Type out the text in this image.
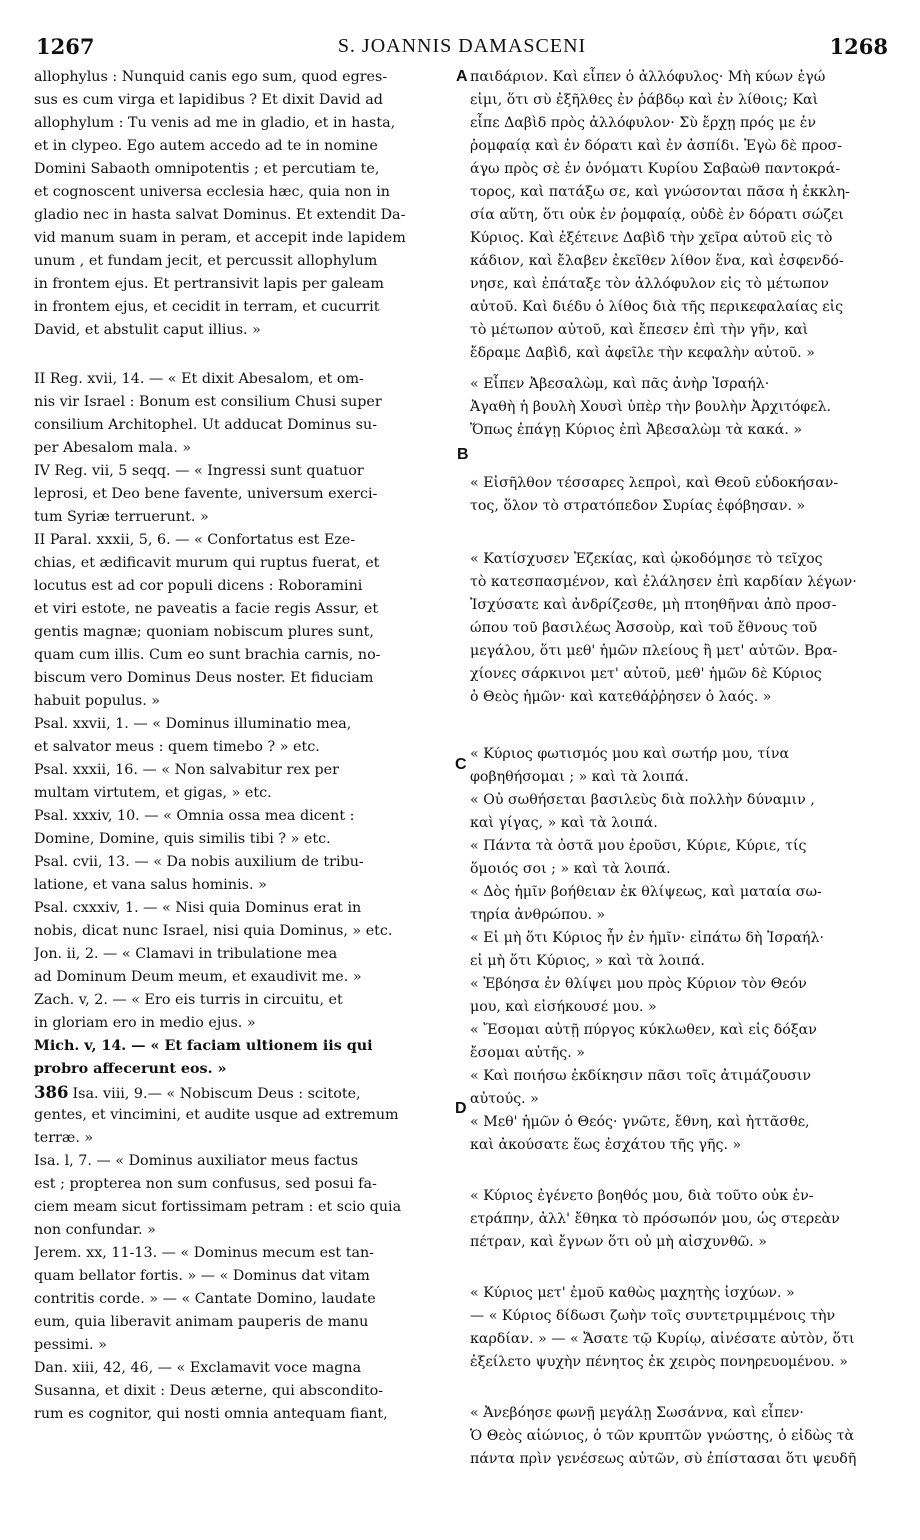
1267	S. JOANNIS DAMASCENI	1268
A
B
C
D
allophylus : Nunquid canis ego sum, quod egres-
sus es cum virga et lapidibus ? Et dixit David ad
allophylum : Tu venis ad me in gladio, et in hasta,
et in clypeo. Ego autem accedo ad te in nomine
Domini Sabaoth omnipotentis ; et percutiam te,
et cognoscent universa ecclesia hæc, quia non in
gladio nec in hasta salvat Dominus. Et extendit Da-
vid manum suam in peram, et accepit inde lapidem
unum , et fundam jecit, et percussit allophylum
in frontem ejus. Et pertransivit lapis per galeam
in frontem ejus, et cecidit in terram, et cucurrit
David, et abstulit caput illius. »
II Reg. xvii, 14. — « Et dixit Abesalom, et om-
nis vir Israel : Bonum est consilium Chusi super
consilium Architophel. Ut adducat Dominus su-
per Abesalom mala. »
IV Reg. vii, 5 seqq. — « Ingressi sunt quatuor
leprosi, et Deo bene favente, universum exerci-
tum Syriæ terruerunt. »
II Paral. xxxii, 5, 6. — « Confortatus est Eze-
chias, et ædificavit murum qui ruptus fuerat, et
locutus est ad cor populi dicens : Roboramini
et viri estote, ne paveatis a facie regis Assur, et
gentis magnæ; quoniam nobiscum plures sunt,
quam cum illis. Cum eo sunt brachia carnis, no-
biscum vero Dominus Deus noster. Et fiduciam
habuit populus. »
Psal. xxvii, 1. — « Dominus illuminatio mea,
et salvator meus : quem timebo ? » etc.
Psal. xxxii, 16. — « Non salvabitur rex per
multam virtutem, et gigas, » etc.
Psal. xxxiv, 10. — « Omnia ossa mea dicent :
Domine, Domine, quis similis tibi ? » etc.
Psal. cvii, 13. — « Da nobis auxilium de tribu-
latione, et vana salus hominis. »
Psal. cxxxiv, 1. — « Nisi quia Dominus erat in
nobis, dicat nunc Israel, nisi quia Dominus, » etc.
Jon. ii, 2. — « Clamavi in tribulatione mea
ad Dominum Deum meum, et exaudivit me. »
Zach. v, 2. — « Ero eis turris in circuitu, et
in gloriam ero in medio ejus. »
Mich. v, 14. — « Et faciam ultionem iis qui
probro affecerunt eos. »
386 Isa. viii, 9.— « Nobiscum Deus : scitote,
gentes, et vincimini, et audite usque ad extremum
terræ. »
Isa. l, 7. — « Dominus auxiliator meus factus
est ; propterea non sum confusus, sed posui fa-
ciem meam sicut fortissimam petram : et scio quia
non confundar. »
Jerem. xx, 11-13. — « Dominus mecum est tan-
quam bellator fortis. » — « Dominus dat vitam
contritis corde. » — « Cantate Domino, laudate
eum, quia liberavit animam pauperis de manu
pessimi. »
Dan. xiii, 42, 46, — « Exclamavit voce magna
Susanna, et dixit : Deus æterne, qui abscondito-
rum es cognitor, qui nosti omnia antequam fiant,
παιδάριον. Καὶ εἶπεν ὁ ἀλλόφυλος· Μὴ κύων ἐγώ
εἰμι, ὅτι σὺ ἐξῆλθες ἐν ῥάβδῳ καὶ ἐν λίθοις; Καὶ
εἶπε Δαβὶδ πρὸς ἀλλόφυλον· Σὺ ἔρχῃ πρός με ἐν
ῥομφαίᾳ καὶ ἐν δόρατι καὶ ἐν ἀσπίδι. Ἐγὼ δὲ προσ-
άγω πρὸς σὲ ἐν ὀνόματι Κυρίου Σαβαὼθ παντοκρά-
τορος, καὶ πατάξω σε, καὶ γνώσονται πᾶσα ἡ ἐκκλη-
σία αὕτη, ὅτι οὐκ ἐν ῥομφαίᾳ, οὐδὲ ἐν δόρατι σώζει
Κύριος. Καὶ ἐξέτεινε Δαβὶδ τὴν χεῖρα αὐτοῦ εἰς τὸ
κάδιον, καὶ ἔλαβεν ἐκεῖθεν λίθον ἕνα, καὶ ἐσφενδό-
νησε, καὶ ἐπάταξε τὸν ἀλλόφυλον εἰς τὸ μέτωπον
αὐτοῦ. Καὶ διέδυ ὁ λίθος διὰ τῆς περικεφαλαίας εἰς
τὸ μέτωπον αὐτοῦ, καὶ ἔπεσεν ἐπὶ τὴν γῆν, καὶ
ἔδραμε Δαβὶδ, καὶ ἀφεῖλε τὴν κεφαλὴν αὐτοῦ. »
« Εἶπεν Ἀβεσαλὼμ, καὶ πᾶς ἀνὴρ Ἰσραήλ·
Ἀγαθὴ ἡ βουλὴ Χουσὶ ὑπὲρ τὴν βουλὴν Ἀρχιτόφελ.
Ὅπως ἐπάγῃ Κύριος ἐπὶ Ἀβεσαλὼμ τὰ κακά. »
« Εἰσῆλθον τέσσαρες λεπροὶ, καὶ Θεοῦ εὐδοκήσαν-
τος, ὅλον τὸ στρατόπεδον Συρίας ἐφόβησαν. »
« Κατίσχυσεν Ἐζεκίας, καὶ ᾠκοδόμησε τὸ τεῖχος
τὸ κατεσπασμένον, καὶ ἐλάλησεν ἐπὶ καρδίαν λέγων·
Ἰσχύσατε καὶ ἀνδρίζεσθε, μὴ πτοηθῆναι ἀπὸ προσ-
ώπου τοῦ βασιλέως Ἀσσοὺρ, καὶ τοῦ ἔθνους τοῦ
μεγάλου, ὅτι μεθ' ἡμῶν πλείους ἢ μετ' αὐτῶν. Βρα-
χίονες σάρκινοι μετ' αὐτοῦ, μεθ' ἡμῶν δὲ Κύριος
ὁ Θεὸς ἡμῶν· καὶ κατεθάῤῥησεν ὁ λαός. »
« Κύριος φωτισμός μου καὶ σωτήρ μου, τίνα
φοβηθήσομαι ; » καὶ τὰ λοιπά.
« Οὐ σωθήσεται βασιλεὺς διὰ πολλὴν δύναμιν ,
καὶ γίγας, » καὶ τὰ λοιπά.
« Πάντα τὰ ὀστᾶ μου ἐροῦσι, Κύριε, Κύριε, τίς
ὅμοιός σοι ; » καὶ τὰ λοιπά.
« Δὸς ἡμῖν βοήθειαν ἐκ θλίψεως, καὶ ματαία σω-
τηρία ἀνθρώπου. »
« Εἰ μὴ ὅτι Κύριος ἦν ἐν ἡμῖν· εἰπάτω δὴ Ἰσραήλ·
εἰ μὴ ὅτι Κύριος, » καὶ τὰ λοιπά.
« Ἐβόησα ἐν θλίψει μου πρὸς Κύριον τὸν Θεόν
μου, καὶ εἰσήκουσέ μου. »
« Ἔσομαι αὐτῇ πύργος κύκλωθεν, καὶ εἰς δόξαν
ἔσομαι αὐτῆς. »
« Καὶ ποιήσω ἐκδίκησιν πᾶσι τοῖς ἀτιμάζουσιν
αὐτούς. »
« Μεθ' ἡμῶν ὁ Θεός· γνῶτε, ἔθνη, καὶ ἡττᾶσθε,
καὶ ἀκούσατε ἕως ἐσχάτου τῆς γῆς. »
« Κύριος ἐγένετο βοηθός μου, διὰ τοῦτο οὐκ ἐν-
ετράπην, ἀλλ' ἔθηκα τὸ πρόσωπόν μου, ὡς στερεὰν
πέτραν, καὶ ἔγνων ὅτι οὐ μὴ αἰσχυνθῶ. »
« Κύριος μετ' ἐμοῦ καθὼς μαχητὴς ἰσχύων. »
— « Κύριος δίδωσι ζωὴν τοῖς συντετριμμένοις τὴν
καρδίαν. » — « Ἄσατε τῷ Κυρίῳ, αἰνέσατε αὐτὸν, ὅτι
ἐξείλετο ψυχὴν πένητος ἐκ χειρὸς πονηρευομένου. »
« Ἀνεβόησε φωνῇ μεγάλῃ Σωσάννα, καὶ εἶπεν·
Ὁ Θεὸς αἰώνιος, ὁ τῶν κρυπτῶν γνώστης, ὁ εἰδὼς τὰ
πάντα πρὶν γενέσεως αὐτῶν, σὺ ἐπίστασαι ὅτι ψευδῆ
